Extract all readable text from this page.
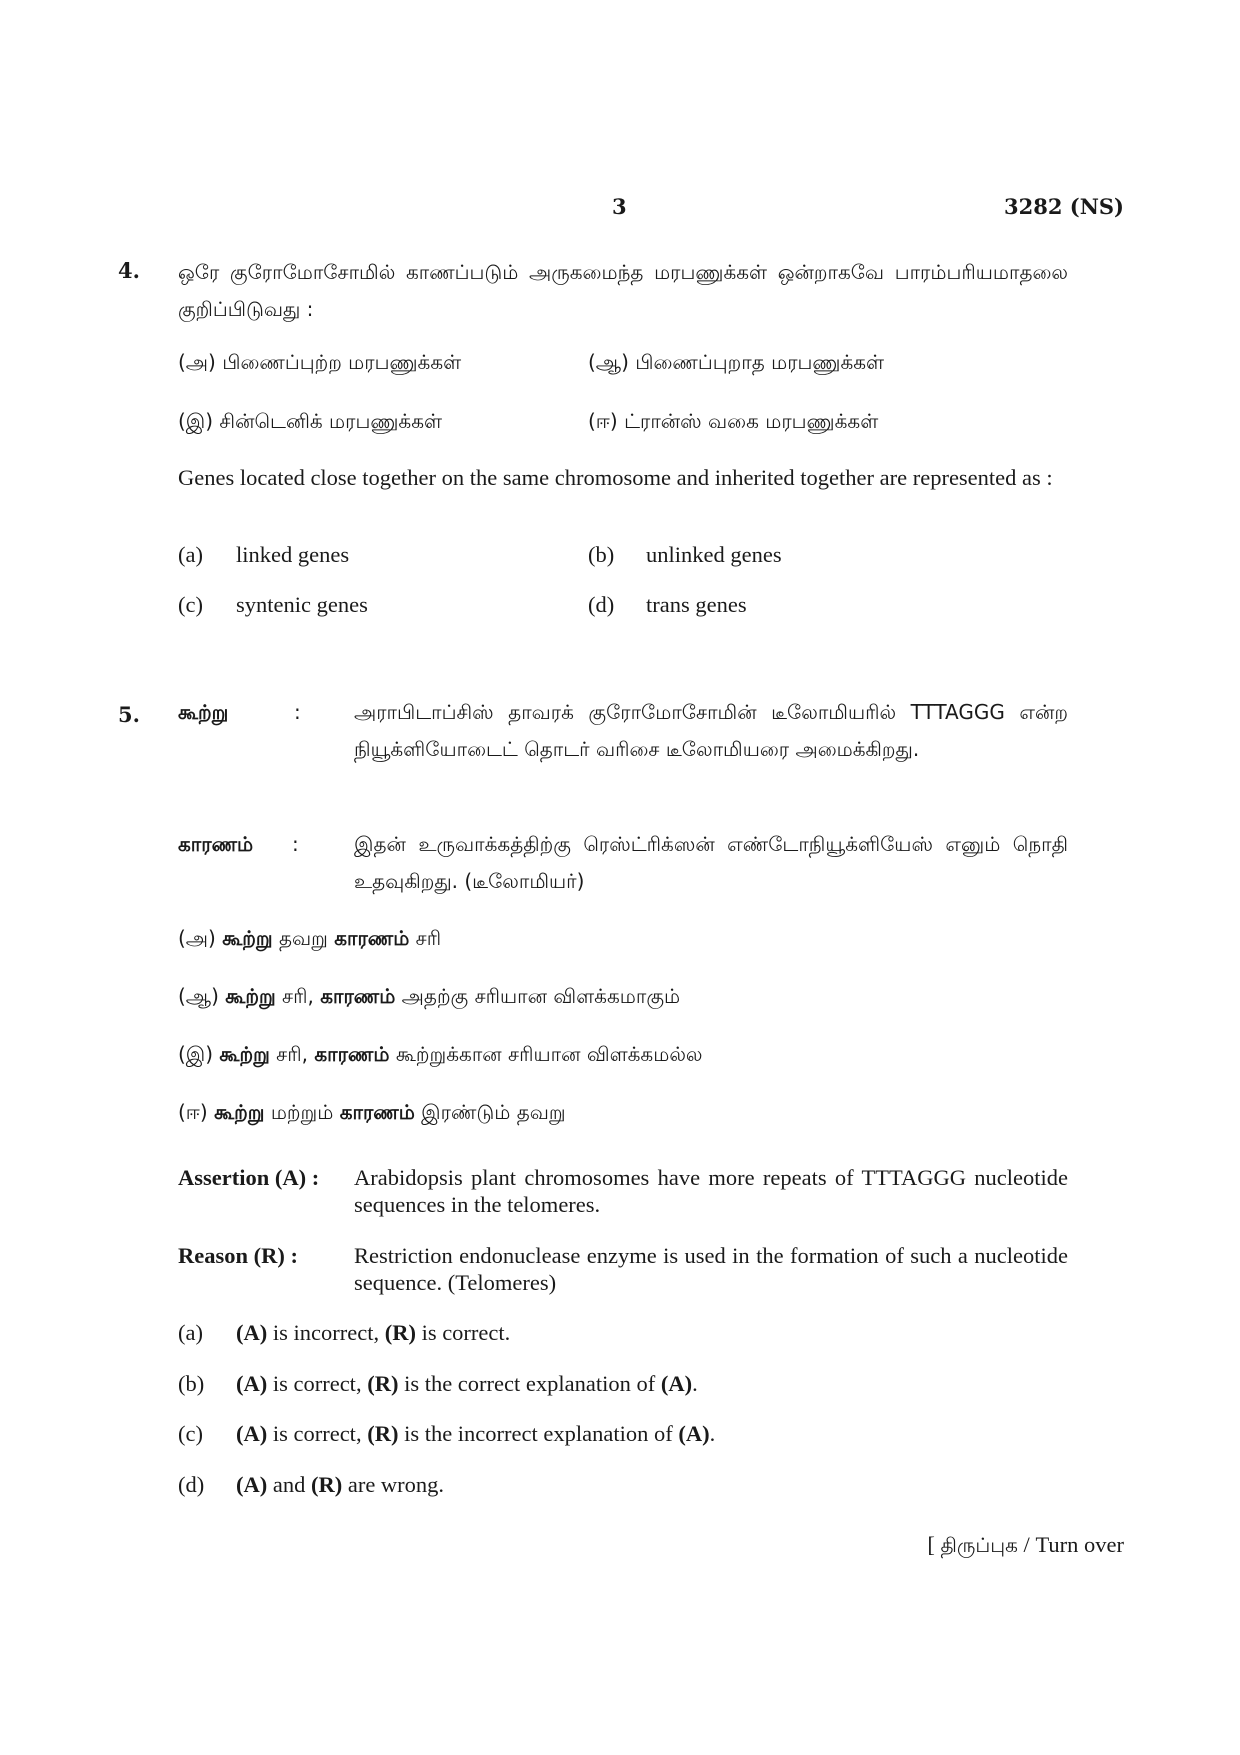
3	3282 (NS)
4. ஒரே குரோமோசோமில் காணப்படும் அருகமைந்த மரபணுக்கள் ஒன்றாகவே பாரம்பரியமாதலை குறிப்பிடுவது :
(அ) பிணைப்புற்ற மரபணுக்கள்	(ஆ) பிணைப்புறாத மரபணுக்கள்
(இ) சின்டெனிக் மரபணுக்கள்	(ஈ) ட்ரான்ஸ் வகை மரபணுக்கள்
Genes located close together on the same chromosome and inherited together are represented as :
(a) linked genes	(b) unlinked genes
(c) syntenic genes	(d) trans genes
5. கூற்று	:	அராபிடாப்சிஸ் தாவரக் குரோமோசோமின் டீலோமியரில் TTTAGGG என்ற நியூக்ளியோடைட் தொடர் வரிசை டீலோமியரை அமைக்கிறது.
காரணம் :	இதன் உருவாக்கத்திற்கு ரெஸ்ட்ரிக்ஸன் எண்டோநியூக்ளியேஸ் எனும் நொதி உதவுகிறது. (டீலோமியர்)
(அ) கூற்று தவறு காரணம் சரி
(ஆ) கூற்று சரி, காரணம் அதற்கு சரியான விளக்கமாகும்
(இ) கூற்று சரி, காரணம் கூற்றுக்கான சரியான விளக்கமல்ல
(ஈ) கூற்று மற்றும் காரணம் இரண்டும் தவறு
Assertion (A) : Arabidopsis plant chromosomes have more repeats of TTTAGGG nucleotide sequences in the telomeres.
Reason (R) : Restriction endonuclease enzyme is used in the formation of such a nucleotide sequence. (Telomeres)
(a) (A) is incorrect, (R) is correct.
(b) (A) is correct, (R) is the correct explanation of (A).
(c) (A) is correct, (R) is the incorrect explanation of (A).
(d) (A) and (R) are wrong.
[ திருப்புக / Turn over
